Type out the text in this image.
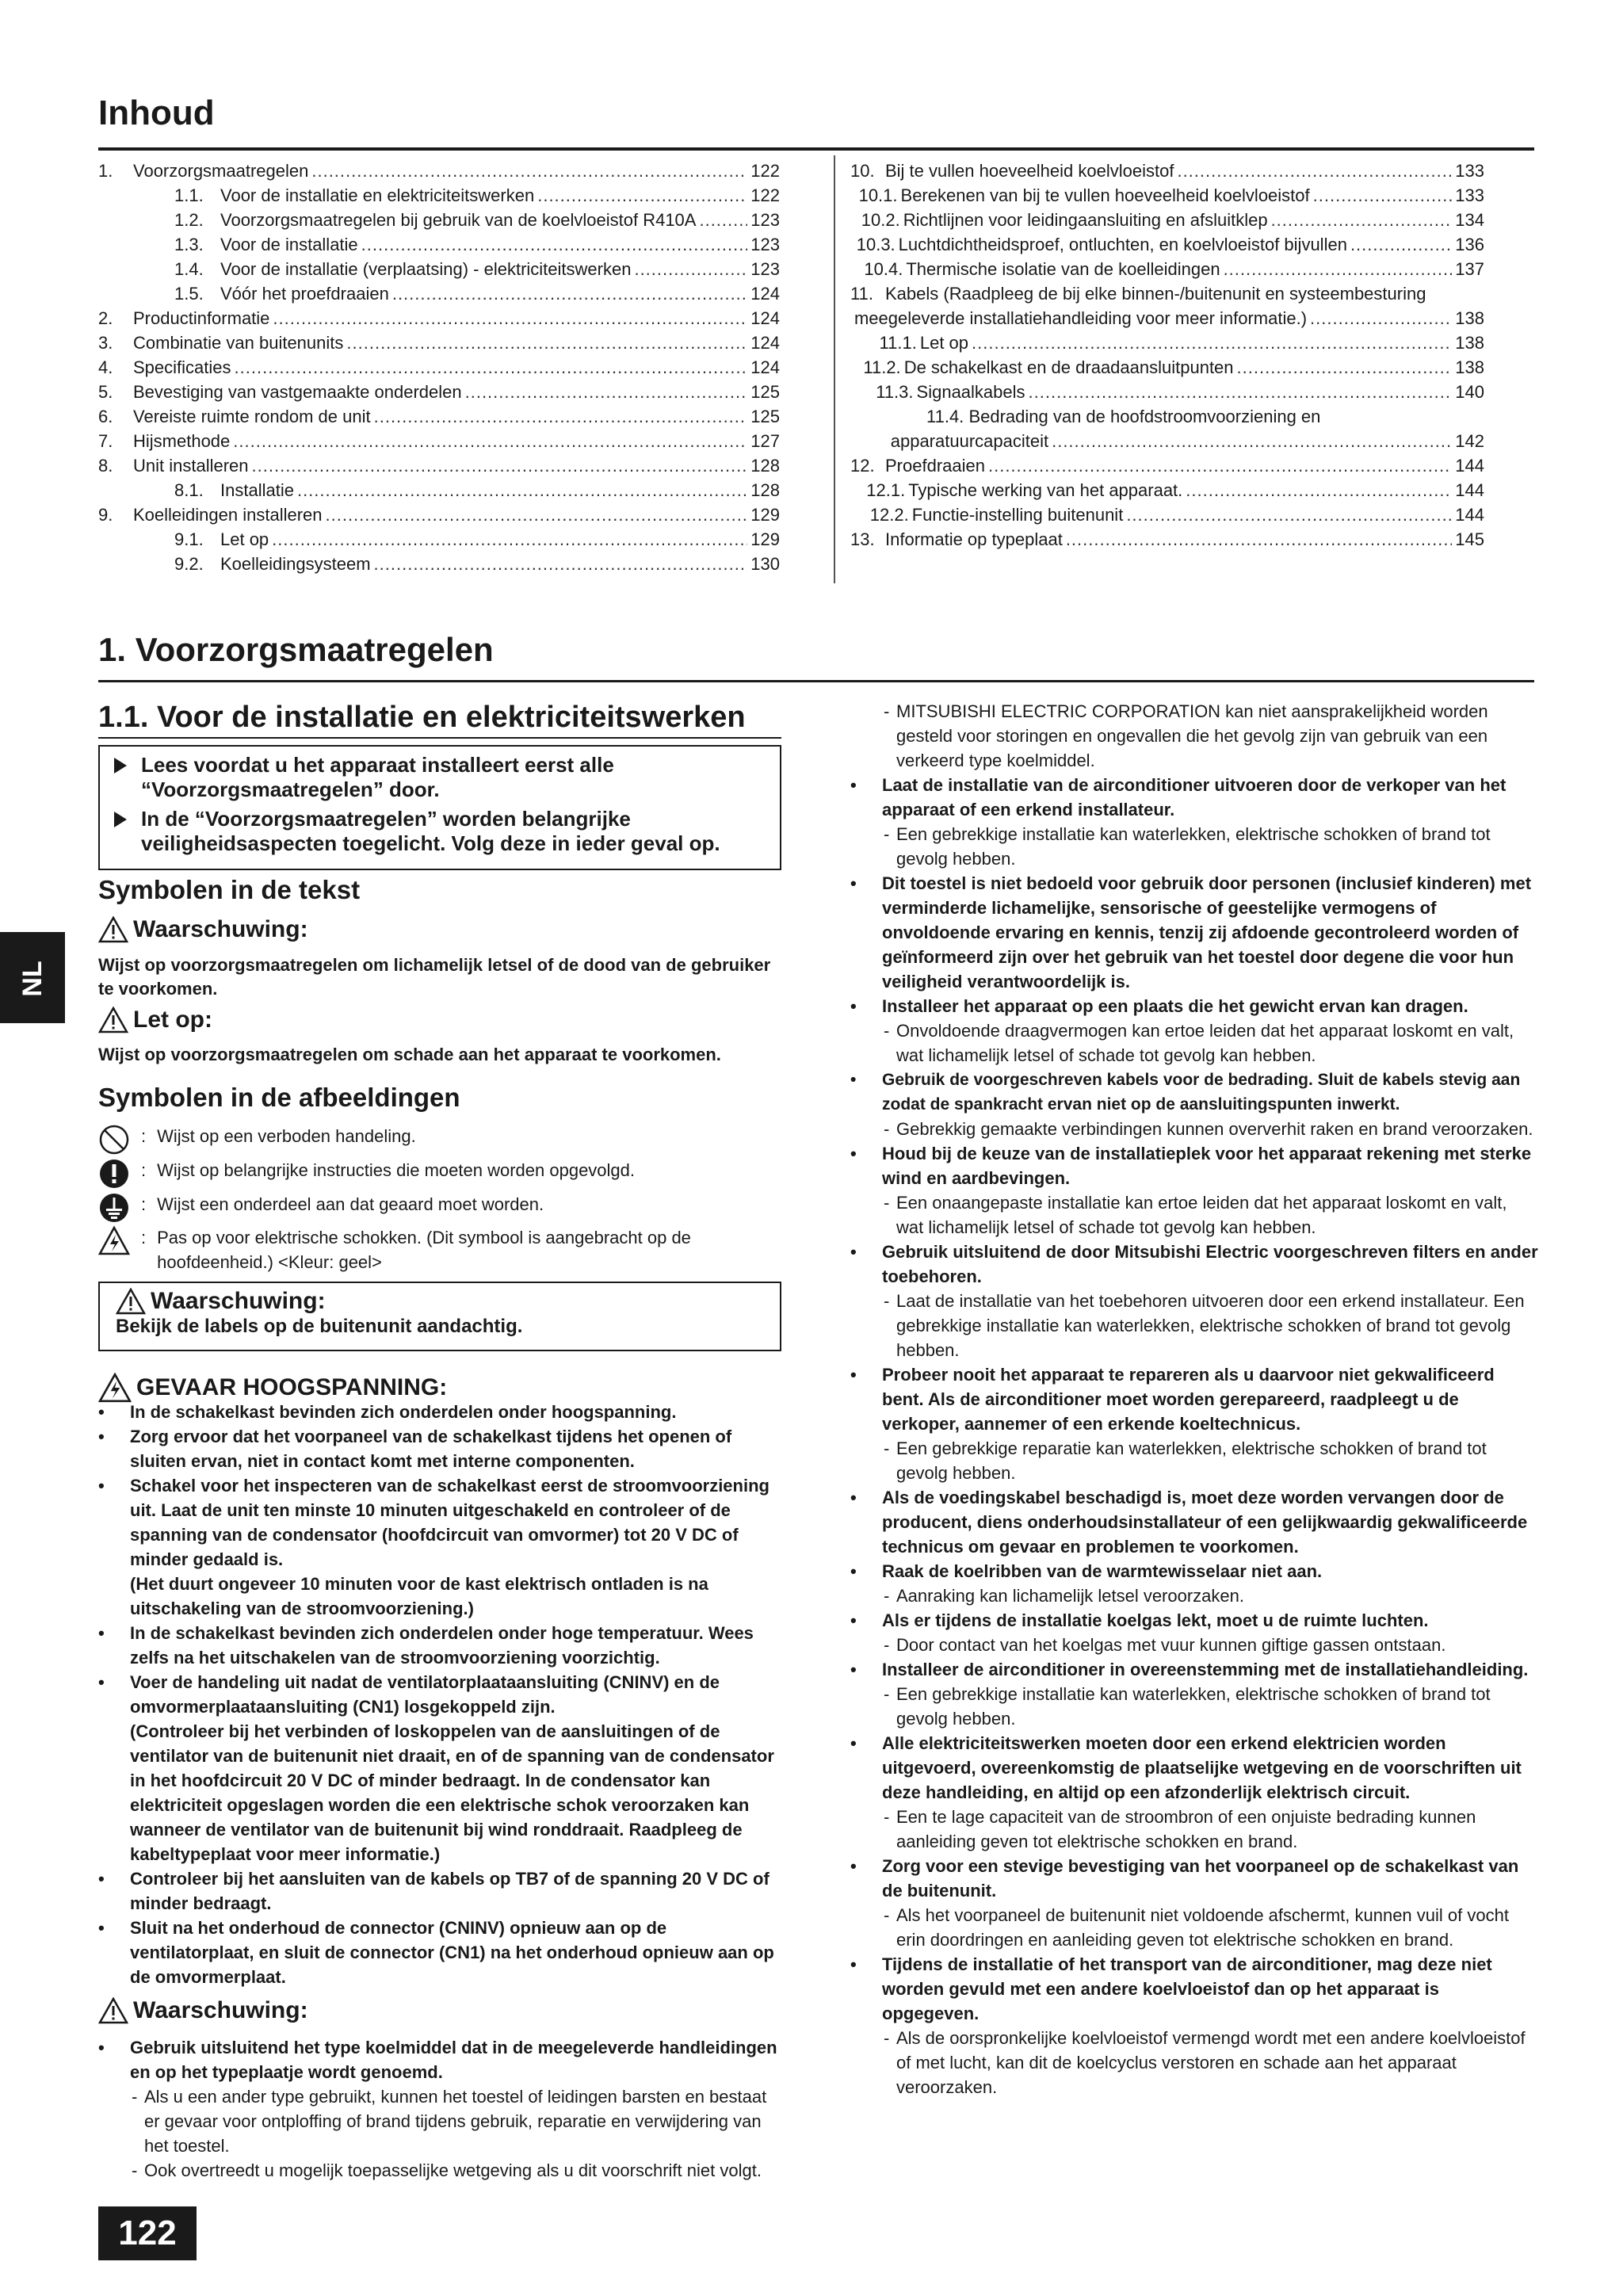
Inhoud
1.	Voorzorgsmaatregelen .....	122
1.1. Voor de installatie en elektriciteitswerken .....	122
1.2. Voorzorgsmaatregelen bij gebruik van de koelvloeistof R410A .....	123
1.3. Voor de installatie .....	123
1.4. Voor de installatie (verplaatsing) - elektriciteitswerken .....	123
1.5. Vóór het proefdraaien .....	124
2.	Productinformatie .....	124
3.	Combinatie van buitenunits .....	124
4.	Specificaties .....	124
5.	Bevestiging van vastgemaakte onderdelen .....	125
6.	Vereiste ruimte rondom de unit .....	125
7.	Hijsmethode .....	127
8.	Unit installeren .....	128
8.1. Installatie .....	128
9.	Koelleidingen installeren .....	129
9.1. Let op .....	129
9.2. Koelleidingsysteem .....	130
10. Bij te vullen hoeveelheid koelvloeistof .....	133
10.1. Berekenen van bij te vullen hoeveelheid koelvloeistof .....	133
10.2. Richtlijnen voor leidingaansluiting en afsluitklep .....	134
10.3. Luchtdichtheidsproef, ontluchten, en koelvloeistof bijvullen .....	136
10.4. Thermische isolatie van de koelleidingen .....	137
11. Kabels (Raadpleeg de bij elke binnen-/buitenunit en systeembesturing
meegeleverde installatiehandleiding voor meer informatie.) .....	138
11.1. Let op .....	138
11.2. De schakelkast en de draadaansluitpunten .....	138
11.3. Signaalkabels .....	140
11.4. Bedrading van de hoofdstroomvoorziening en
apparatuurcapaciteit .....	142
12. Proefdraaien .....	144
12.1. Typische werking van het apparaat. .....	144
12.2. Functie-instelling buitenunit .....	144
13. Informatie op typeplaat .....	145
NL
1. Voorzorgsmaatregelen
1.1. Voor de installatie en elektriciteitswerken
Lees voordat u het apparaat installeert eerst alle “Voorzorgsmaatregelen” door.
In de “Voorzorgsmaatregelen” worden belangrijke veiligheidsaspecten toegelicht. Volg deze in ieder geval op.
Symbolen in de tekst
Waarschuwing:
Wijst op voorzorgsmaatregelen om lichamelijk letsel of de dood van de gebruiker te voorkomen.
Let op:
Wijst op voorzorgsmaatregelen om schade aan het apparaat te voorkomen.
Symbolen in de afbeeldingen
: Wijst op een verboden handeling.
: Wijst op belangrijke instructies die moeten worden opgevolgd.
: Wijst een onderdeel aan dat geaard moet worden.
: Pas op voor elektrische schokken. (Dit symbool is aangebracht op de hoofdeenheid.) <Kleur: geel>
Waarschuwing:
Bekijk de labels op de buitenunit aandachtig.
GEVAAR HOOGSPANNING:
• In de schakelkast bevinden zich onderdelen onder hoogspanning.
• Zorg ervoor dat het voorpaneel van de schakelkast tijdens het openen of sluiten ervan, niet in contact komt met interne componenten.
• Schakel voor het inspecteren van de schakelkast eerst de stroomvoorziening uit. Laat de unit ten minste 10 minuten uitgeschakeld en controleer of de spanning van de condensator (hoofdcircuit van omvormer) tot 20 V DC of minder gedaald is.
(Het duurt ongeveer 10 minuten voor de kast elektrisch ontladen is na uitschakeling van de stroomvoorziening.)
• In de schakelkast bevinden zich onderdelen onder hoge temperatuur. Wees zelfs na het uitschakelen van de stroomvoorziening voorzichtig.
• Voer de handeling uit nadat de ventilatorplaataansluiting (CNINV) en de omvormerplaataansluiting (CN1) losgekoppeld zijn.
(Controleer bij het verbinden of loskoppelen van de aansluitingen of de ventilator van de buitenunit niet draait, en of de spanning van de condensator in het hoofdcircuit 20 V DC of minder bedraagt. In de condensator kan elektriciteit opgeslagen worden die een elektrische schok veroorzaken kan wanneer de ventilator van de buitenunit bij wind ronddraait. Raadpleeg de kabeltypeplaat voor meer informatie.)
• Controleer bij het aansluiten van de kabels op TB7 of de spanning 20 V DC of minder bedraagt.
• Sluit na het onderhoud de connector (CNINV) opnieuw aan op de ventilatorplaat, en sluit de connector (CN1) na het onderhoud opnieuw aan op de omvormerplaat.
Waarschuwing:
• Gebruik uitsluitend het type koelmiddel dat in de meegeleverde handleidingen en op het typeplaatje wordt genoemd.
- Als u een ander type gebruikt, kunnen het toestel of leidingen barsten en bestaat er gevaar voor ontploffing of brand tijdens gebruik, reparatie en verwijdering van het toestel.
- Ook overtreedt u mogelijk toepasselijke wetgeving als u dit voorschrift niet volgt.
- MITSUBISHI ELECTRIC CORPORATION kan niet aansprakelijkheid worden gesteld voor storingen en ongevallen die het gevolg zijn van gebruik van een verkeerd type koelmiddel.
• Laat de installatie van de airconditioner uitvoeren door de verkoper van het apparaat of een erkend installateur.
- Een gebrekkige installatie kan waterlekken, elektrische schokken of brand tot gevolg hebben.
• Dit toestel is niet bedoeld voor gebruik door personen (inclusief kinderen) met verminderde lichamelijke, sensorische of geestelijke vermogens of onvoldoende ervaring en kennis, tenzij zij afdoende gecontroleerd worden of geïnformeerd zijn over het gebruik van het toestel door degene die voor hun veiligheid verantwoordelijk is.
• Installeer het apparaat op een plaats die het gewicht ervan kan dragen.
- Onvoldoende draagvermogen kan ertoe leiden dat het apparaat loskomt en valt, wat lichamelijk letsel of schade tot gevolg kan hebben.
• Gebruik de voorgeschreven kabels voor de bedrading. Sluit de kabels stevig aan zodat de spankracht ervan niet op de aansluitingspunten inwerkt.
- Gebrekkig gemaakte verbindingen kunnen oververhit raken en brand veroorzaken.
• Houd bij de keuze van de installatieplek voor het apparaat rekening met sterke wind en aardbevingen.
- Een onaangepaste installatie kan ertoe leiden dat het apparaat loskomt en valt, wat lichamelijk letsel of schade tot gevolg kan hebben.
• Gebruik uitsluitend de door Mitsubishi Electric voorgeschreven filters en ander toebehoren.
- Laat de installatie van het toebehoren uitvoeren door een erkend installateur. Een gebrekkige installatie kan waterlekken, elektrische schokken of brand tot gevolg hebben.
• Probeer nooit het apparaat te repareren als u daarvoor niet gekwalificeerd bent. Als de airconditioner moet worden gerepareerd, raadpleegt u de verkoper, aannemer of een erkende koeltechnicus.
- Een gebrekkige reparatie kan waterlekken, elektrische schokken of brand tot gevolg hebben.
• Als de voedingskabel beschadigd is, moet deze worden vervangen door de producent, diens onderhoudsinstallateur of een gelijkwaardig gekwalificeerde technicus om gevaar en problemen te voorkomen.
• Raak de koelribben van de warmtewisselaar niet aan.
- Aanraking kan lichamelijk letsel veroorzaken.
• Als er tijdens de installatie koelgas lekt, moet u de ruimte luchten.
- Door contact van het koelgas met vuur kunnen giftige gassen ontstaan.
• Installeer de airconditioner in overeenstemming met de installatiehandleiding.
- Een gebrekkige installatie kan waterlekken, elektrische schokken of brand tot gevolg hebben.
• Alle elektriciteitswerken moeten door een erkend elektricien worden uitgevoerd, overeenkomstig de plaatselijke wetgeving en de voorschriften uit deze handleiding, en altijd op een afzonderlijk elektrisch circuit.
- Een te lage capaciteit van de stroombron of een onjuiste bedrading kunnen aanleiding geven tot elektrische schokken en brand.
• Zorg voor een stevige bevestiging van het voorpaneel op de schakelkast van de buitenunit.
- Als het voorpaneel de buitenunit niet voldoende afschermt, kunnen vuil of vocht erin doordringen en aanleiding geven tot elektrische schokken en brand.
• Tijdens de installatie of het transport van de airconditioner, mag deze niet worden gevuld met een andere koelvloeistof dan op het apparaat is opgegeven.
- Als de oorspronkelijke koelvloeistof vermengd wordt met een andere koelvloeistof of met lucht, kan dit de koelcyclus verstoren en schade aan het apparaat veroorzaken.
122
